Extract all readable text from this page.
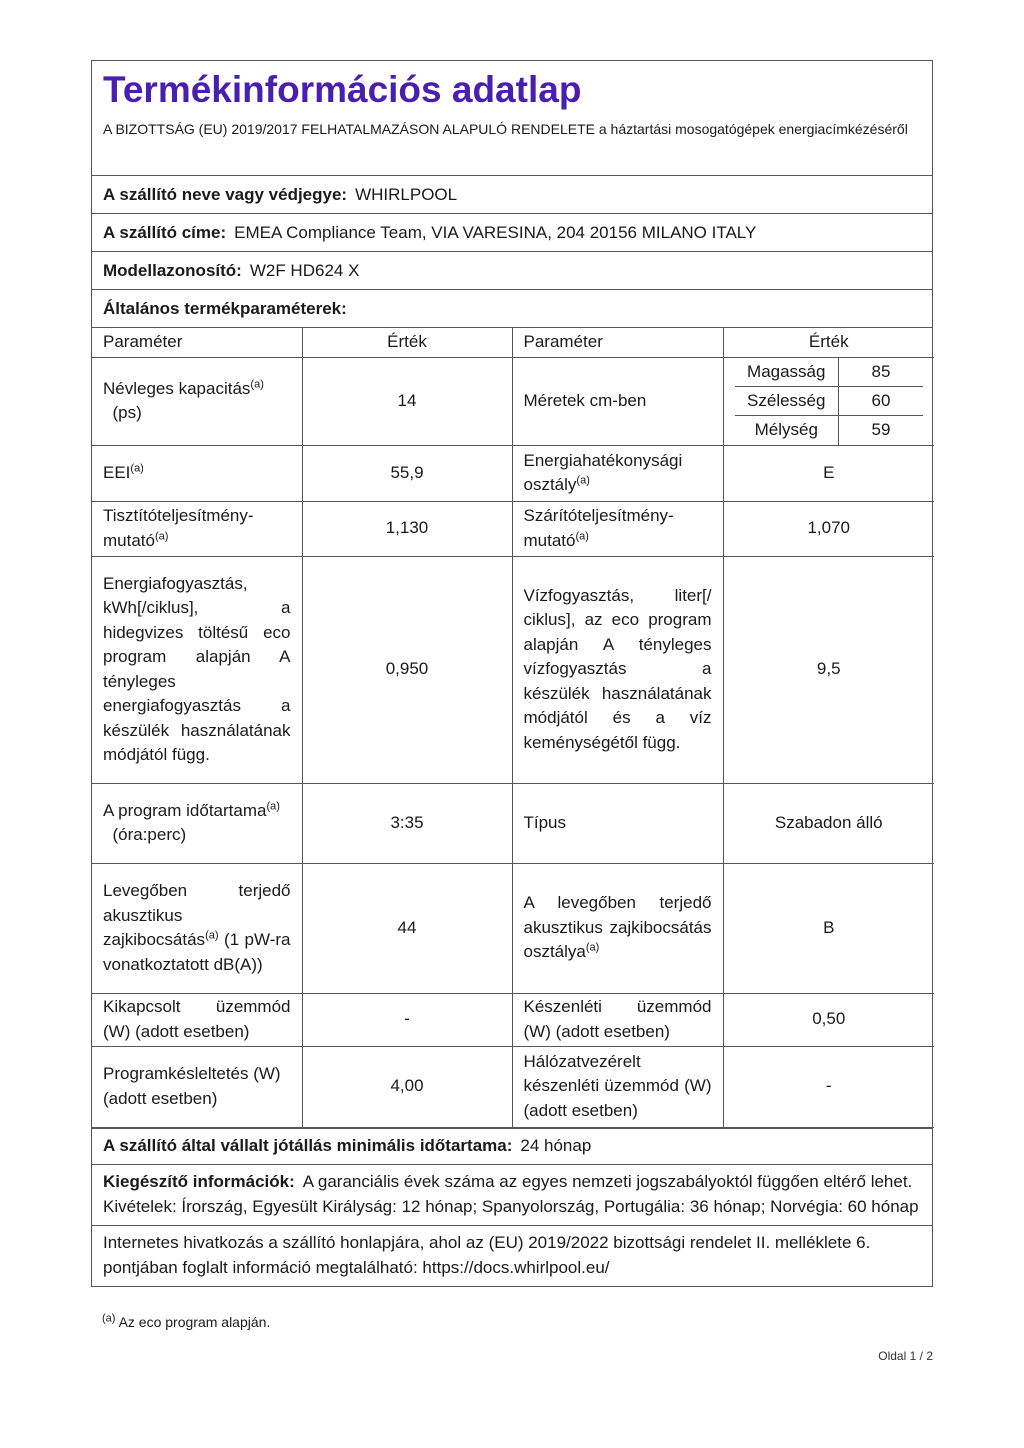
Termékinformációs adatlap
A BIZOTTSÁG (EU) 2019/2017 FELHATALMAZÁSON ALAPULÓ RENDELETE a háztartási mosogatógépek energiacímkézéséről
A szállító neve vagy védjegye: WHIRLPOOL
A szállító címe: EMEA Compliance Team, VIA VARESINA, 204 20156 MILANO ITALY
Modellazonosító: W2F HD624 X
Általános termékparaméterek:
Paraméter	Érték	Paraméter	Érték
Névleges kapacitás$^{(a)}$
(ps)	14	Méretek cm-ben	
Magasság	85
Szélesség	60
Mélység	59

EEI$^{(a)}$	55,9	Energiahatékonysági osztály$^{(a)}$	E
Tisztítóteljesítmény-mutató$^{(a)}$	1,130	Szárítóteljesítmény-mutató$^{(a)}$	1,070
Energiafogyasztás, kWh[/ciklus], a hidegvizes töltésű eco program alapján A tényleges energiafogyasztás a készülék használatának módjától függ.	0,950	Vízfogyasztás, liter[/ ciklus], az eco program alapján A tényleges vízfogyasztás a készülék használatának módjától és a víz keménységétől függ.	9,5
A program időtartama$^{(a)}$
(óra:perc)	3:35	Típus	Szabadon álló
Levegőben terjedő akusztikus zajkibocsátás$^{(a)}$ (1 pW-ra vonatkoztatott dB(A))	44	A levegőben terjedő akusztikus zajkibocsátás osztálya$^{(a)}$	B
Kikapcsolt üzemmód (W) (adott esetben)	-	Készenléti üzemmód (W) (adott esetben)	0,50
Programkésleltetés (W) (adott esetben)	4,00	Hálózatvezérelt készenléti üzemmód (W) (adott esetben)	-
A szállító által vállalt jótállás minimális időtartama: 24 hónap
Kiegészítő információk: A garanciális évek száma az egyes nemzeti jogszabályoktól függően eltérő lehet. Kivételek: Írország, Egyesült Királyság: 12 hónap; Spanyolország, Portugália: 36 hónap; Norvégia: 60 hónap
Internetes hivatkozás a szállító honlapjára, ahol az (EU) 2019/2022 bizottsági rendelet II. melléklete 6. pontjában foglalt információ megtalálható: https://docs.whirlpool.eu/
$^{(a)}$ Az eco program alapján.
Oldal 1 / 2
